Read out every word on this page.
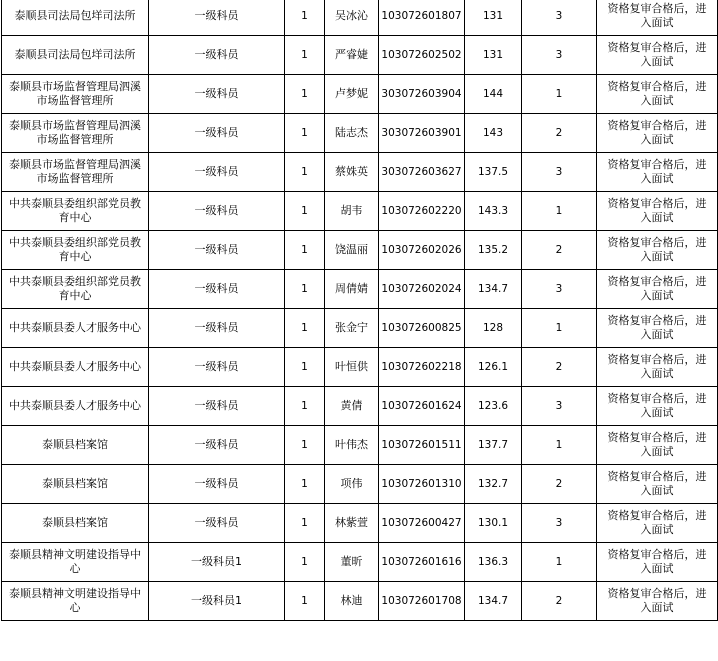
泰顺县司法局包垟司法所	一级科员	1	吴冰沁	103072601807	131	3	资格复审合格后，进入面试
泰顺县司法局包垟司法所	一级科员	1	严睿婕	103072602502	131	3	资格复审合格后，进入面试
泰顺县市场监督管理局泗溪市场监督管理所	一级科员	1	卢梦妮	303072603904	144	1	资格复审合格后，进入面试
泰顺县市场监督管理局泗溪市场监督管理所	一级科员	1	陆志杰	303072603901	143	2	资格复审合格后，进入面试
泰顺县市场监督管理局泗溪市场监督管理所	一级科员	1	蔡姝英	303072603627	137.5	3	资格复审合格后，进入面试
中共泰顺县委组织部党员教育中心	一级科员	1	胡韦	103072602220	143.3	1	资格复审合格后，进入面试
中共泰顺县委组织部党员教育中心	一级科员	1	饶温丽	103072602026	135.2	2	资格复审合格后，进入面试
中共泰顺县委组织部党员教育中心	一级科员	1	周倩婧	103072602024	134.7	3	资格复审合格后，进入面试
中共泰顺县委人才服务中心	一级科员	1	张金宁	103072600825	128	1	资格复审合格后，进入面试
中共泰顺县委人才服务中心	一级科员	1	叶恒供	103072602218	126.1	2	资格复审合格后，进入面试
中共泰顺县委人才服务中心	一级科员	1	黄倩	103072601624	123.6	3	资格复审合格后，进入面试
泰顺县档案馆	一级科员	1	叶伟杰	103072601511	137.7	1	资格复审合格后，进入面试
泰顺县档案馆	一级科员	1	项伟	103072601310	132.7	2	资格复审合格后，进入面试
泰顺县档案馆	一级科员	1	林紫萱	103072600427	130.1	3	资格复审合格后，进入面试
泰顺县精神文明建设指导中心	一级科员1	1	董昕	103072601616	136.3	1	资格复审合格后，进入面试
泰顺县精神文明建设指导中心	一级科员1	1	林迪	103072601708	134.7	2	资格复审合格后，进入面试
